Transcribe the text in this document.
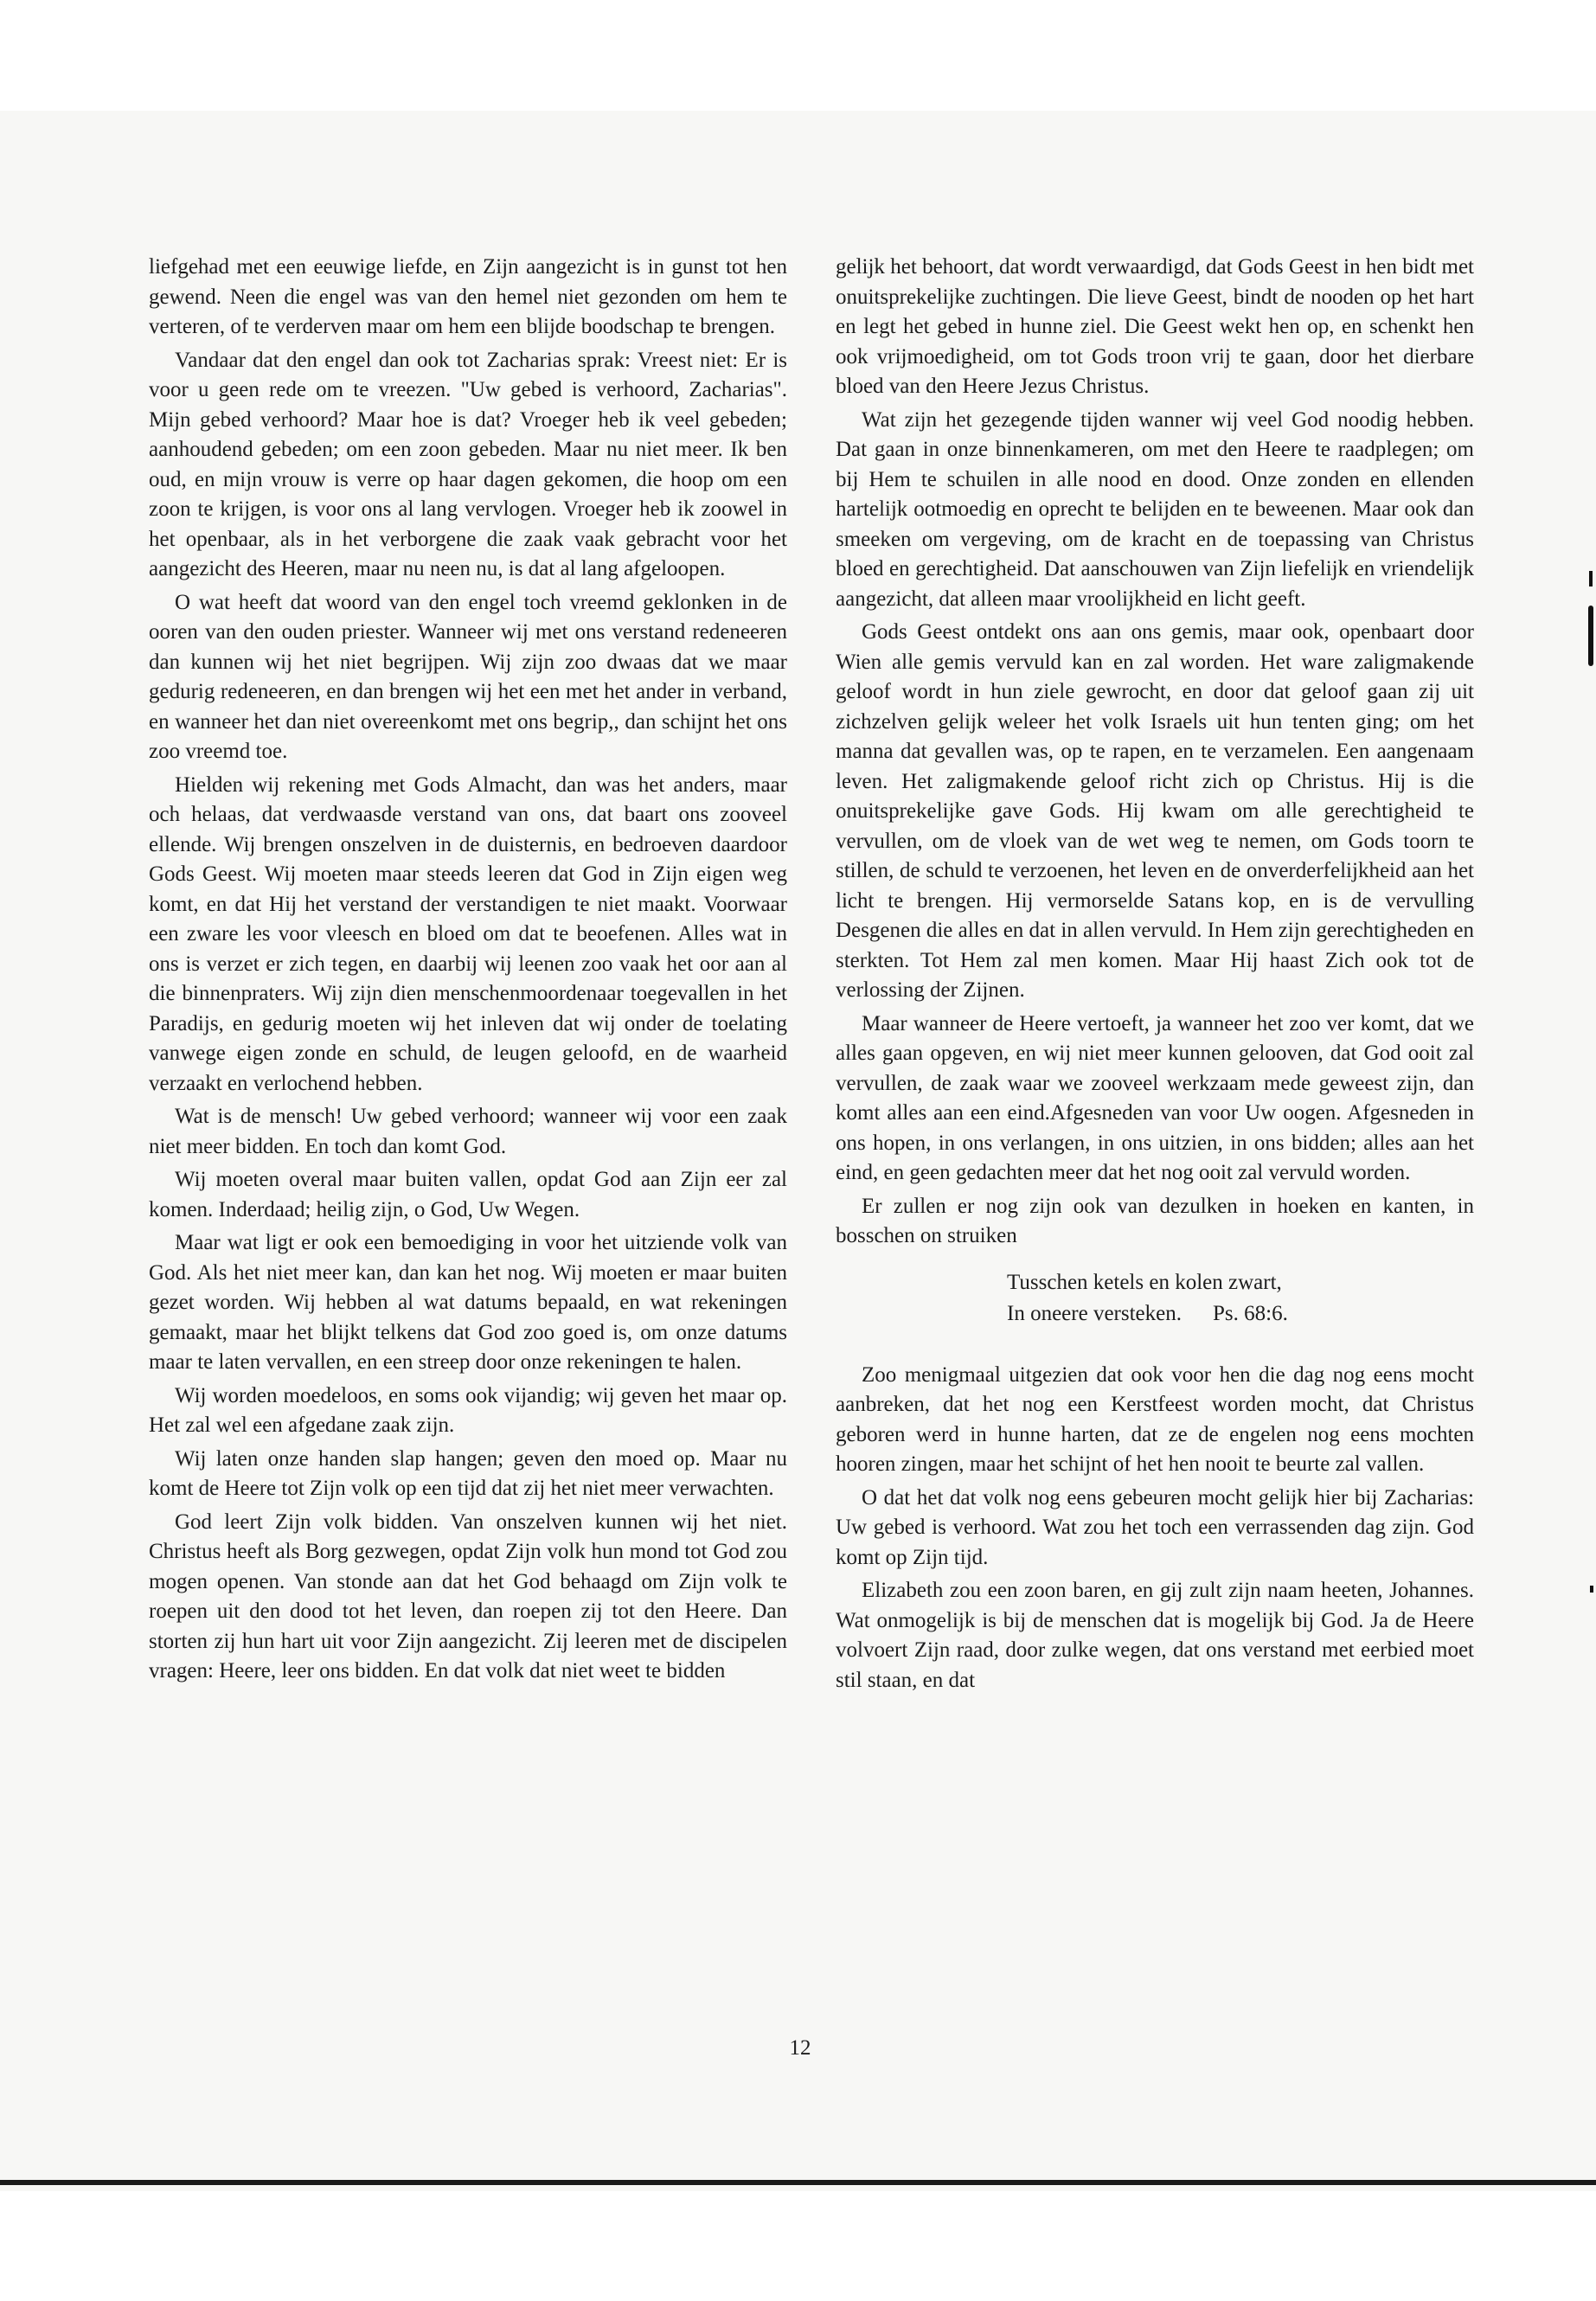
liefgehad met een eeuwige liefde, en Zijn aangezicht is in gunst tot hen gewend. Neen die engel was van den hemel niet gezonden om hem te verteren, of te verderven maar om hem een blijde boodschap te brengen.

Vandaar dat den engel dan ook tot Zacharias sprak: Vreest niet: Er is voor u geen rede om te vreezen. "Uw gebed is verhoord, Zacharias". Mijn gebed verhoord? Maar hoe is dat? Vroeger heb ik veel gebeden; aanhoudend gebeden; om een zoon gebeden. Maar nu niet meer. Ik ben oud, en mijn vrouw is verre op haar dagen gekomen, die hoop om een zoon te krijgen, is voor ons al lang vervlogen. Vroeger heb ik zoowel in het openbaar, als in het verborgene die zaak vaak gebracht voor het aangezicht des Heeren, maar nu neen nu, is dat al lang afgeloopen.

O wat heeft dat woord van den engel toch vreemd geklonken in de ooren van den ouden priester. Wanneer wij met ons verstand redeneeren dan kunnen wij het niet begrijpen. Wij zijn zoo dwaas dat we maar gedurig redeneeren, en dan brengen wij het een met het ander in verband, en wanneer het dan niet overeenkomt met ons begrip,, dan schijnt het ons zoo vreemd toe.

Hielden wij rekening met Gods Almacht, dan was het anders, maar och helaas, dat verdwaasde verstand van ons, dat baart ons zooveel ellende. Wij brengen onszelven in de duisternis, en bedroeven daardoor Gods Geest. Wij moeten maar steeds leeren dat God in Zijn eigen weg komt, en dat Hij het verstand der verstandigen te niet maakt. Voorwaar een zware les voor vleesch en bloed om dat te beoefenen. Alles wat in ons is verzet er zich tegen, en daarbij wij leenen zoo vaak het oor aan al die binnenpraters. Wij zijn dien menschenmoordenaar toegevallen in het Paradijs, en gedurig moeten wij het inleven dat wij onder de toelating vanwege eigen zonde en schuld, de leugen geloofd, en de waarheid verzaakt en verlochend hebben.

Wat is de mensch! Uw gebed verhoord; wanneer wij voor een zaak niet meer bidden. En toch dan komt God.

Wij moeten overal maar buiten vallen, opdat God aan Zijn eer zal komen. Inderdaad; heilig zijn, o God, Uw Wegen.

Maar wat ligt er ook een bemoediging in voor het uitziende volk van God. Als het niet meer kan, dan kan het nog. Wij moeten er maar buiten gezet worden. Wij hebben al wat datums bepaald, en wat rekeningen gemaakt, maar het blijkt telkens dat God zoo goed is, om onze datums maar te laten vervallen, en een streep door onze rekeningen te halen.

Wij worden moedeloos, en soms ook vijandig; wij geven het maar op. Het zal wel een afgedane zaak zijn.

Wij laten onze handen slap hangen; geven den moed op. Maar nu komt de Heere tot Zijn volk op een tijd dat zij het niet meer verwachten.

God leert Zijn volk bidden. Van onszelven kunnen wij het niet. Christus heeft als Borg gezwegen, opdat Zijn volk hun mond tot God zou mogen openen. Van stonde aan dat het God behaagd om Zijn volk te roepen uit den dood tot het leven, dan roepen zij tot den Heere. Dan storten zij hun hart uit voor Zijn aangezicht. Zij leeren met de discipelen vragen: Heere, leer ons bidden. En dat volk dat niet weet te bidden

gelijk het behoort, dat wordt verwaardigd, dat Gods Geest in hen bidt met onuitsprekelijke zuchtingen. Die lieve Geest, bindt de nooden op het hart en legt het gebed in hunne ziel. Die Geest wekt hen op, en schenkt hen ook vrijmoedigheid, om tot Gods troon vrij te gaan, door het dierbare bloed van den Heere Jezus Christus.

Wat zijn het gezegende tijden wanner wij veel God noodig hebben. Dat gaan in onze binnenkameren, om met den Heere te raadplegen; om bij Hem te schuilen in alle nood en dood. Onze zonden en ellenden hartelijk ootmoedig en oprecht te belijden en te beweenen. Maar ook dan smeeken om vergeving, om de kracht en de toepassing van Christus bloed en gerechtigheid. Dat aanschouwen van Zijn liefelijk en vriendelijk aangezicht, dat alleen maar vroolijkheid en licht geeft.

Gods Geest ontdekt ons aan ons gemis, maar ook, openbaart door Wien alle gemis vervuld kan en zal worden. Het ware zaligmakende geloof wordt in hun ziele gewrocht, en door dat geloof gaan zij uit zichzelven gelijk weleer het volk Israels uit hun tenten ging; om het manna dat gevallen was, op te rapen, en te verzamelen. Een aangenaam leven. Het zaligmakende geloof richt zich op Christus. Hij is die onuitsprekelijke gave Gods. Hij kwam om alle gerechtigheid te vervullen, om de vloek van de wet weg te nemen, om Gods toorn te stillen, de schuld te verzoenen, het leven en de onverderfelijkheid aan het licht te brengen. Hij vermorselde Satans kop, en is de vervulling Desgenen die alles en dat in allen vervuld. In Hem zijn gerechtigheden en sterkten. Tot Hem zal men komen. Maar Hij haast Zich ook tot de verlossing der Zijnen.

Maar wanneer de Heere vertoeft, ja wanneer het zoo ver komt, dat we alles gaan opgeven, en wij niet meer kunnen gelooven, dat God ooit zal vervullen, de zaak waar we zooveel werkzaam mede geweest zijn, dan komt alles aan een eind.Afgesneden van voor Uw oogen. Afgesneden in ons hopen, in ons verlangen, in ons uitzien, in ons bidden; alles aan het eind, en geen gedachten meer dat het nog ooit zal vervuld worden.

Er zullen er nog zijn ook van dezulken in hoeken en kanten, in bosschen on struiken

Tusschen ketels en kolen zwart,
In oneere versteken. Ps. 68:6.

Zoo menigmaal uitgezien dat ook voor hen die dag nog eens mocht aanbreken, dat het nog een Kerstfeest worden mocht, dat Christus geboren werd in hunne harten, dat ze de engelen nog eens mochten hooren zingen, maar het schijnt of het hen nooit te beurte zal vallen.

O dat het dat volk nog eens gebeuren mocht gelijk hier bij Zacharias: Uw gebed is verhoord. Wat zou het toch een verrassenden dag zijn. God komt op Zijn tijd.

Elizabeth zou een zoon baren, en gij zult zijn naam heeten, Johannes. Wat onmogelijk is bij de menschen dat is mogelijk bij God. Ja de Heere volvoert Zijn raad, door zulke wegen, dat ons verstand met eerbied moet stil staan, en dat

12
